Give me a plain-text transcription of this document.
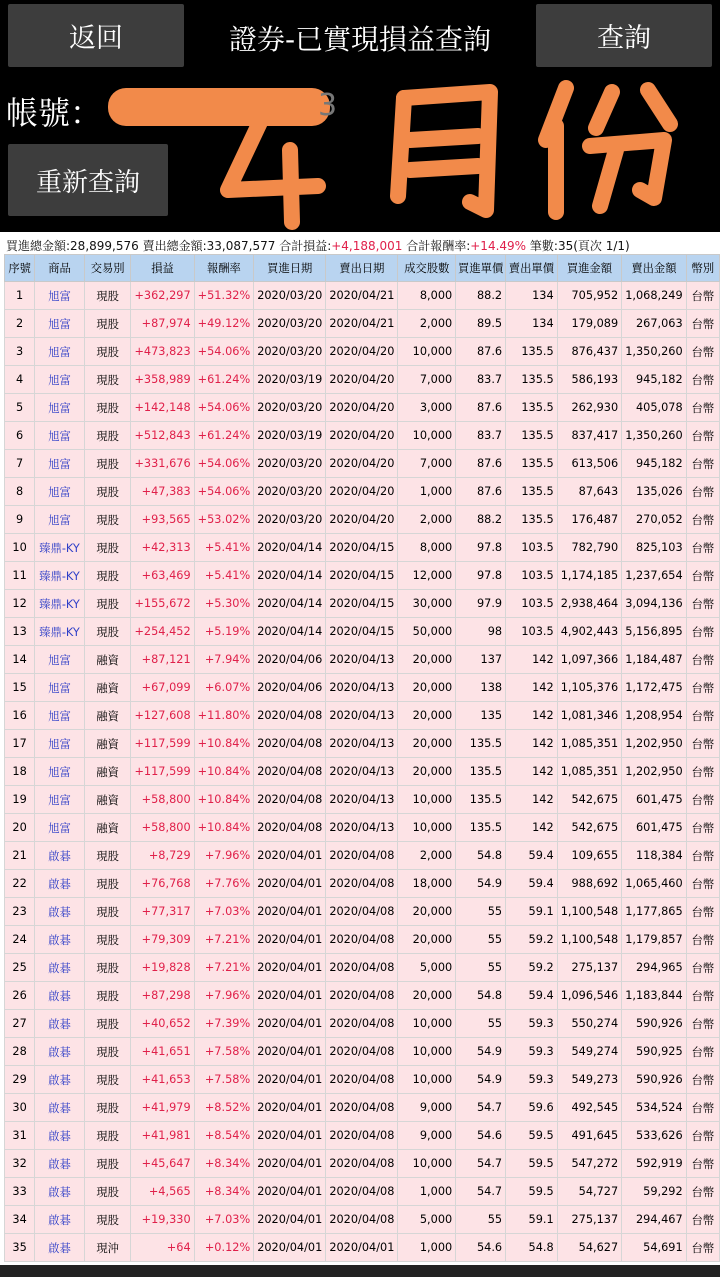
返回	證券-已實現損益查詢	查詢
帳號：	3
重新查詢
買進總金額:28,899,576 賣出總金額:33,087,577 合計損益:+4,188,001 合計報酬率:+14.49% 筆數:35(頁次 1/1)
序號	商品	交易別	損益	報酬率	買進日期	賣出日期	成交股數	買進單價	賣出單價	買進金額	賣出金額	幣別
1	旭富	現股	+362,297	+51.32%	2020/03/20	2020/04/21	8,000	88.2	134	705,952	1,068,249	台幣
2	旭富	現股	+87,974	+49.12%	2020/03/20	2020/04/21	2,000	89.5	134	179,089	267,063	台幣
3	旭富	現股	+473,823	+54.06%	2020/03/20	2020/04/20	10,000	87.6	135.5	876,437	1,350,260	台幣
4	旭富	現股	+358,989	+61.24%	2020/03/19	2020/04/20	7,000	83.7	135.5	586,193	945,182	台幣
5	旭富	現股	+142,148	+54.06%	2020/03/20	2020/04/20	3,000	87.6	135.5	262,930	405,078	台幣
6	旭富	現股	+512,843	+61.24%	2020/03/19	2020/04/20	10,000	83.7	135.5	837,417	1,350,260	台幣
7	旭富	現股	+331,676	+54.06%	2020/03/20	2020/04/20	7,000	87.6	135.5	613,506	945,182	台幣
8	旭富	現股	+47,383	+54.06%	2020/03/20	2020/04/20	1,000	87.6	135.5	87,643	135,026	台幣
9	旭富	現股	+93,565	+53.02%	2020/03/20	2020/04/20	2,000	88.2	135.5	176,487	270,052	台幣
10	臻鼎-KY	現股	+42,313	+5.41%	2020/04/14	2020/04/15	8,000	97.8	103.5	782,790	825,103	台幣
11	臻鼎-KY	現股	+63,469	+5.41%	2020/04/14	2020/04/15	12,000	97.8	103.5	1,174,185	1,237,654	台幣
12	臻鼎-KY	現股	+155,672	+5.30%	2020/04/14	2020/04/15	30,000	97.9	103.5	2,938,464	3,094,136	台幣
13	臻鼎-KY	現股	+254,452	+5.19%	2020/04/14	2020/04/15	50,000	98	103.5	4,902,443	5,156,895	台幣
14	旭富	融資	+87,121	+7.94%	2020/04/06	2020/04/13	20,000	137	142	1,097,366	1,184,487	台幣
15	旭富	融資	+67,099	+6.07%	2020/04/06	2020/04/13	20,000	138	142	1,105,376	1,172,475	台幣
16	旭富	融資	+127,608	+11.80%	2020/04/08	2020/04/13	20,000	135	142	1,081,346	1,208,954	台幣
17	旭富	融資	+117,599	+10.84%	2020/04/08	2020/04/13	20,000	135.5	142	1,085,351	1,202,950	台幣
18	旭富	融資	+117,599	+10.84%	2020/04/08	2020/04/13	20,000	135.5	142	1,085,351	1,202,950	台幣
19	旭富	融資	+58,800	+10.84%	2020/04/08	2020/04/13	10,000	135.5	142	542,675	601,475	台幣
20	旭富	融資	+58,800	+10.84%	2020/04/08	2020/04/13	10,000	135.5	142	542,675	601,475	台幣
21	啟碁	現股	+8,729	+7.96%	2020/04/01	2020/04/08	2,000	54.8	59.4	109,655	118,384	台幣
22	啟碁	現股	+76,768	+7.76%	2020/04/01	2020/04/08	18,000	54.9	59.4	988,692	1,065,460	台幣
23	啟碁	現股	+77,317	+7.03%	2020/04/01	2020/04/08	20,000	55	59.1	1,100,548	1,177,865	台幣
24	啟碁	現股	+79,309	+7.21%	2020/04/01	2020/04/08	20,000	55	59.2	1,100,548	1,179,857	台幣
25	啟碁	現股	+19,828	+7.21%	2020/04/01	2020/04/08	5,000	55	59.2	275,137	294,965	台幣
26	啟碁	現股	+87,298	+7.96%	2020/04/01	2020/04/08	20,000	54.8	59.4	1,096,546	1,183,844	台幣
27	啟碁	現股	+40,652	+7.39%	2020/04/01	2020/04/08	10,000	55	59.3	550,274	590,926	台幣
28	啟碁	現股	+41,651	+7.58%	2020/04/01	2020/04/08	10,000	54.9	59.3	549,274	590,925	台幣
29	啟碁	現股	+41,653	+7.58%	2020/04/01	2020/04/08	10,000	54.9	59.3	549,273	590,926	台幣
30	啟碁	現股	+41,979	+8.52%	2020/04/01	2020/04/08	9,000	54.7	59.6	492,545	534,524	台幣
31	啟碁	現股	+41,981	+8.54%	2020/04/01	2020/04/08	9,000	54.6	59.5	491,645	533,626	台幣
32	啟碁	現股	+45,647	+8.34%	2020/04/01	2020/04/08	10,000	54.7	59.5	547,272	592,919	台幣
33	啟碁	現股	+4,565	+8.34%	2020/04/01	2020/04/08	1,000	54.7	59.5	54,727	59,292	台幣
34	啟碁	現股	+19,330	+7.03%	2020/04/01	2020/04/08	5,000	55	59.1	275,137	294,467	台幣
35	啟碁	現沖	+64	+0.12%	2020/04/01	2020/04/01	1,000	54.6	54.8	54,627	54,691	台幣
